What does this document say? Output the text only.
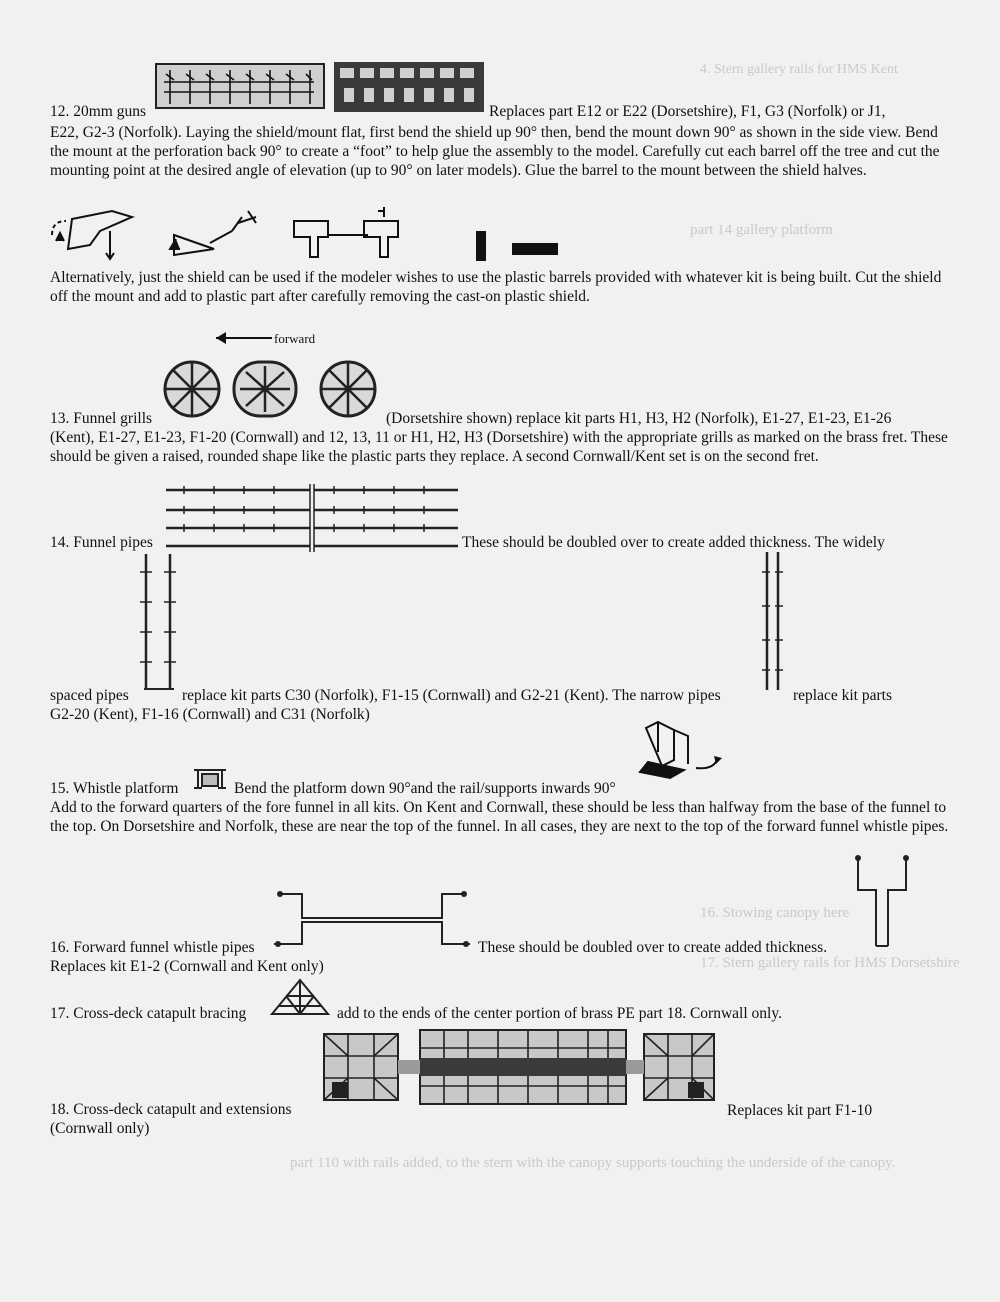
4. Stern gallery rails for HMS Kent
part 14 gallery platform
16. Stowing canopy here
17. Stern gallery rails for HMS Dorsetshire
part 110 with rails added, to the stern with the canopy supports touching the underside of the canopy.
12. 20mm guns	Replaces part E12 or E22 (Dorsetshire), F1, G3 (Norfolk) or J1,
E22, G2-3 (Norfolk). Laying the shield/mount flat, first bend the shield up 90° then, bend the mount down 90° as shown in the side view. Bend the mount at the perforation back 90° to create a “foot” to help glue the assembly to the model. Carefully cut each barrel off the tree and cut the mounting point at the desired angle of elevation (up to 90° on later models). Glue the barrel to the mount between the shield halves.
Alternatively, just the shield can be used if the modeler wishes to use the plastic barrels provided with whatever kit is being built. Cut the shield off the mount and add to plastic part after carefully removing the cast-on plastic shield.
forward
13. Funnel grills	(Dorsetshire shown) replace kit parts H1, H3, H2 (Norfolk), E1-27, E1-23, E1-26
(Kent), E1-27, E1-23, F1-20 (Cornwall) and 12, 13, 11 or H1, H2, H3 (Dorsetshire) with the appropriate grills as marked on the brass fret. These should be given a raised, rounded shape like the plastic parts they replace. A second Cornwall/Kent set is on the second fret.
14. Funnel pipes	These should be doubled over to create added thickness. The widely
spaced pipes	replace kit parts C30 (Norfolk), F1-15 (Cornwall) and G2-21 (Kent). The narrow pipes	replace kit parts
G2-20 (Kent), F1-16 (Cornwall) and C31 (Norfolk)
15. Whistle platform	Bend the platform down 90°and the rail/supports inwards 90°
Add to the forward quarters of the fore funnel in all kits. On Kent and Cornwall, these should be less than halfway from the base of the funnel to the top. On Dorsetshire and Norfolk, these are near the top of the funnel. In all cases, they are next to the top of the forward funnel whistle pipes.
16. Forward funnel whistle pipes	These should be doubled over to create added thickness.
Replaces kit E1-2 (Cornwall and Kent only)
17. Cross-deck catapult bracing	add to the ends of the center portion of brass PE part 18. Cornwall only.
18. Cross-deck catapult and extensions	Replaces kit part F1-10
(Cornwall only)
